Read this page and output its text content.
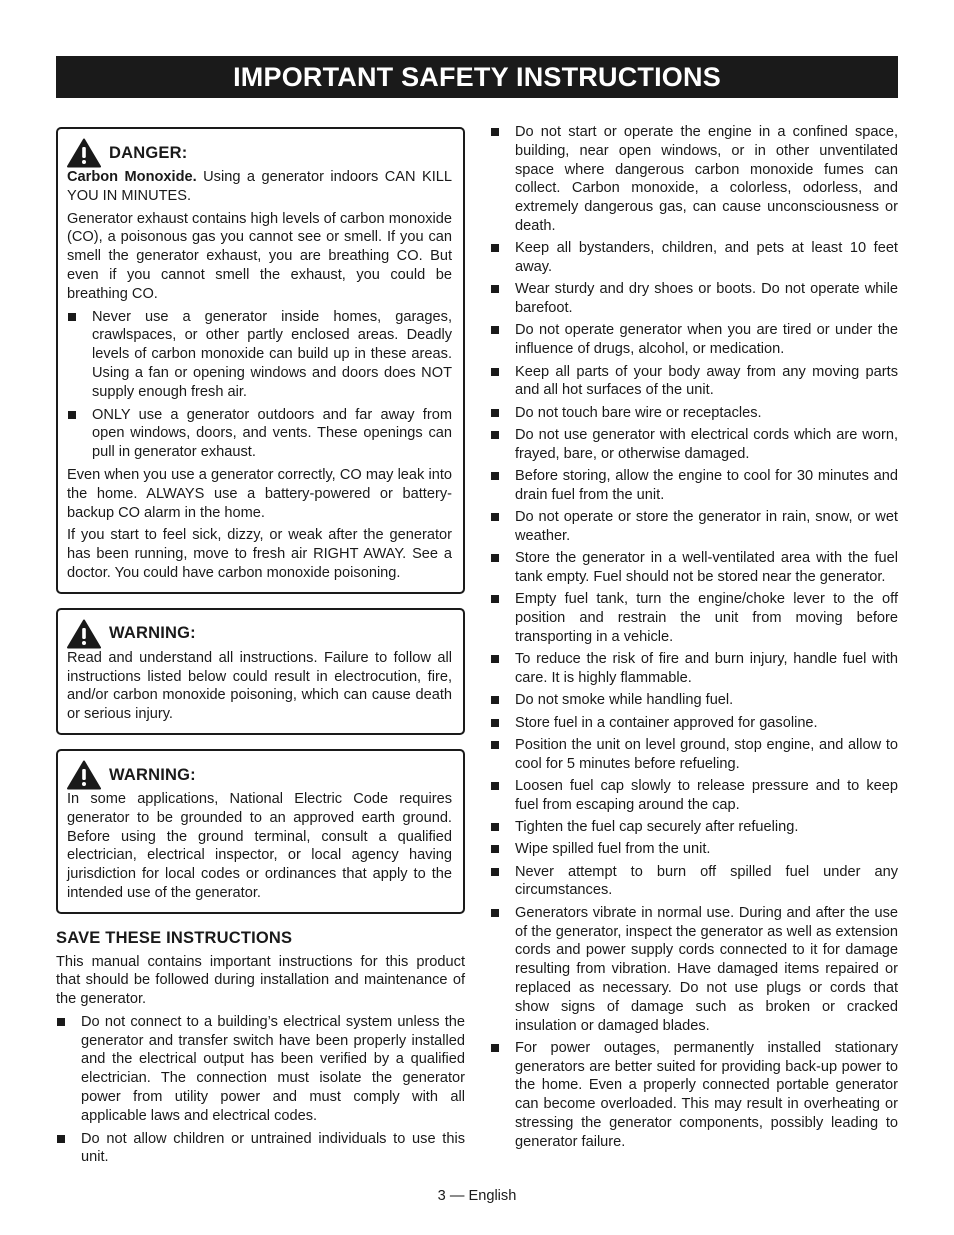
IMPORTANT SAFETY INSTRUCTIONS
DANGER:

Carbon Monoxide. Using a generator indoors CAN KILL YOU IN MINUTES.

Generator exhaust contains high levels of carbon monoxide (CO), a poisonous gas you cannot see or smell. If you can smell the generator exhaust, you are breathing CO. But even if you cannot smell the exhaust, you could be breathing CO.

Never use a generator inside homes, garages, crawlspaces, or other partly enclosed areas. Deadly levels of carbon monoxide can build up in these areas. Using a fan or opening windows and doors does NOT supply enough fresh air.
ONLY use a generator outdoors and far away from open windows, doors, and vents. These openings can pull in generator exhaust.

Even when you use a generator correctly, CO may leak into the home. ALWAYS use a battery-powered or battery-backup CO alarm in the home.

If you start to feel sick, dizzy, or weak after the generator has been running, move to fresh air RIGHT AWAY. See a doctor. You could have carbon monoxide poisoning.

WARNING:

Read and understand all instructions. Failure to follow all instructions listed below could result in electrocution, fire, and/or carbon monoxide poisoning, which can cause death or serious injury.

WARNING:

In some applications, National Electric Code requires generator to be grounded to an approved earth ground. Before using the ground terminal, consult a qualified electrician, electrical inspector, or local agency having jurisdiction for local codes or ordinances that apply to the intended use of the generator.

SAVE THESE INSTRUCTIONS

This manual contains important instructions for this product that should be followed during installation and maintenance of the generator.

Do not connect to a building’s electrical system unless the generator and transfer switch have been properly installed and the electrical output has been verified by a qualified electrician. The connection must isolate the generator power from utility power and must comply with all applicable laws and electrical codes.
Do not allow children or untrained individuals to use this unit.
Do not start or operate the engine in a confined space, building, near open windows, or in other unventilated space where dangerous carbon monoxide fumes can collect. Carbon monoxide, a colorless, odorless, and extremely dangerous gas, can cause unconsciousness or death.
Keep all bystanders, children, and pets at least 10 feet away.
Wear sturdy and dry shoes or boots. Do not operate while barefoot.
Do not operate generator when you are tired or under the influence of drugs, alcohol, or medication.
Keep all parts of your body away from any moving parts and all hot surfaces of the unit.
Do not touch bare wire or receptacles.
Do not use generator with electrical cords which are worn, frayed, bare, or otherwise damaged.
Before storing, allow the engine to cool for 30 minutes and drain fuel from the unit.
Do not operate or store the generator in rain, snow, or wet weather.
Store the generator in a well-ventilated area with the fuel tank empty. Fuel should not be stored near the generator.
Empty fuel tank, turn the engine/choke lever to the off position and restrain the unit from moving before transporting in a vehicle.
To reduce the risk of fire and burn injury, handle fuel with care. It is highly flammable.
Do not smoke while handling fuel.
Store fuel in a container approved for gasoline.
Position the unit on level ground, stop engine, and allow to cool for 5 minutes before refueling.
Loosen fuel cap slowly to release pressure and to keep fuel from escaping around the cap.
Tighten the fuel cap securely after refueling.
Wipe spilled fuel from the unit.
Never attempt to burn off spilled fuel under any circumstances.
Generators vibrate in normal use. During and after the use of the generator, inspect the generator as well as extension cords and power supply cords connected to it for damage resulting from vibration. Have damaged items repaired or replaced as necessary. Do not use plugs or cords that show signs of damage such as broken or cracked insulation or damaged blades.
For power outages, permanently installed stationary generators are better suited for providing back-up power to the home. Even a properly connected portable generator can become overloaded. This may result in overheating or stressing the generator components, possibly leading to generator failure.
3 — English
